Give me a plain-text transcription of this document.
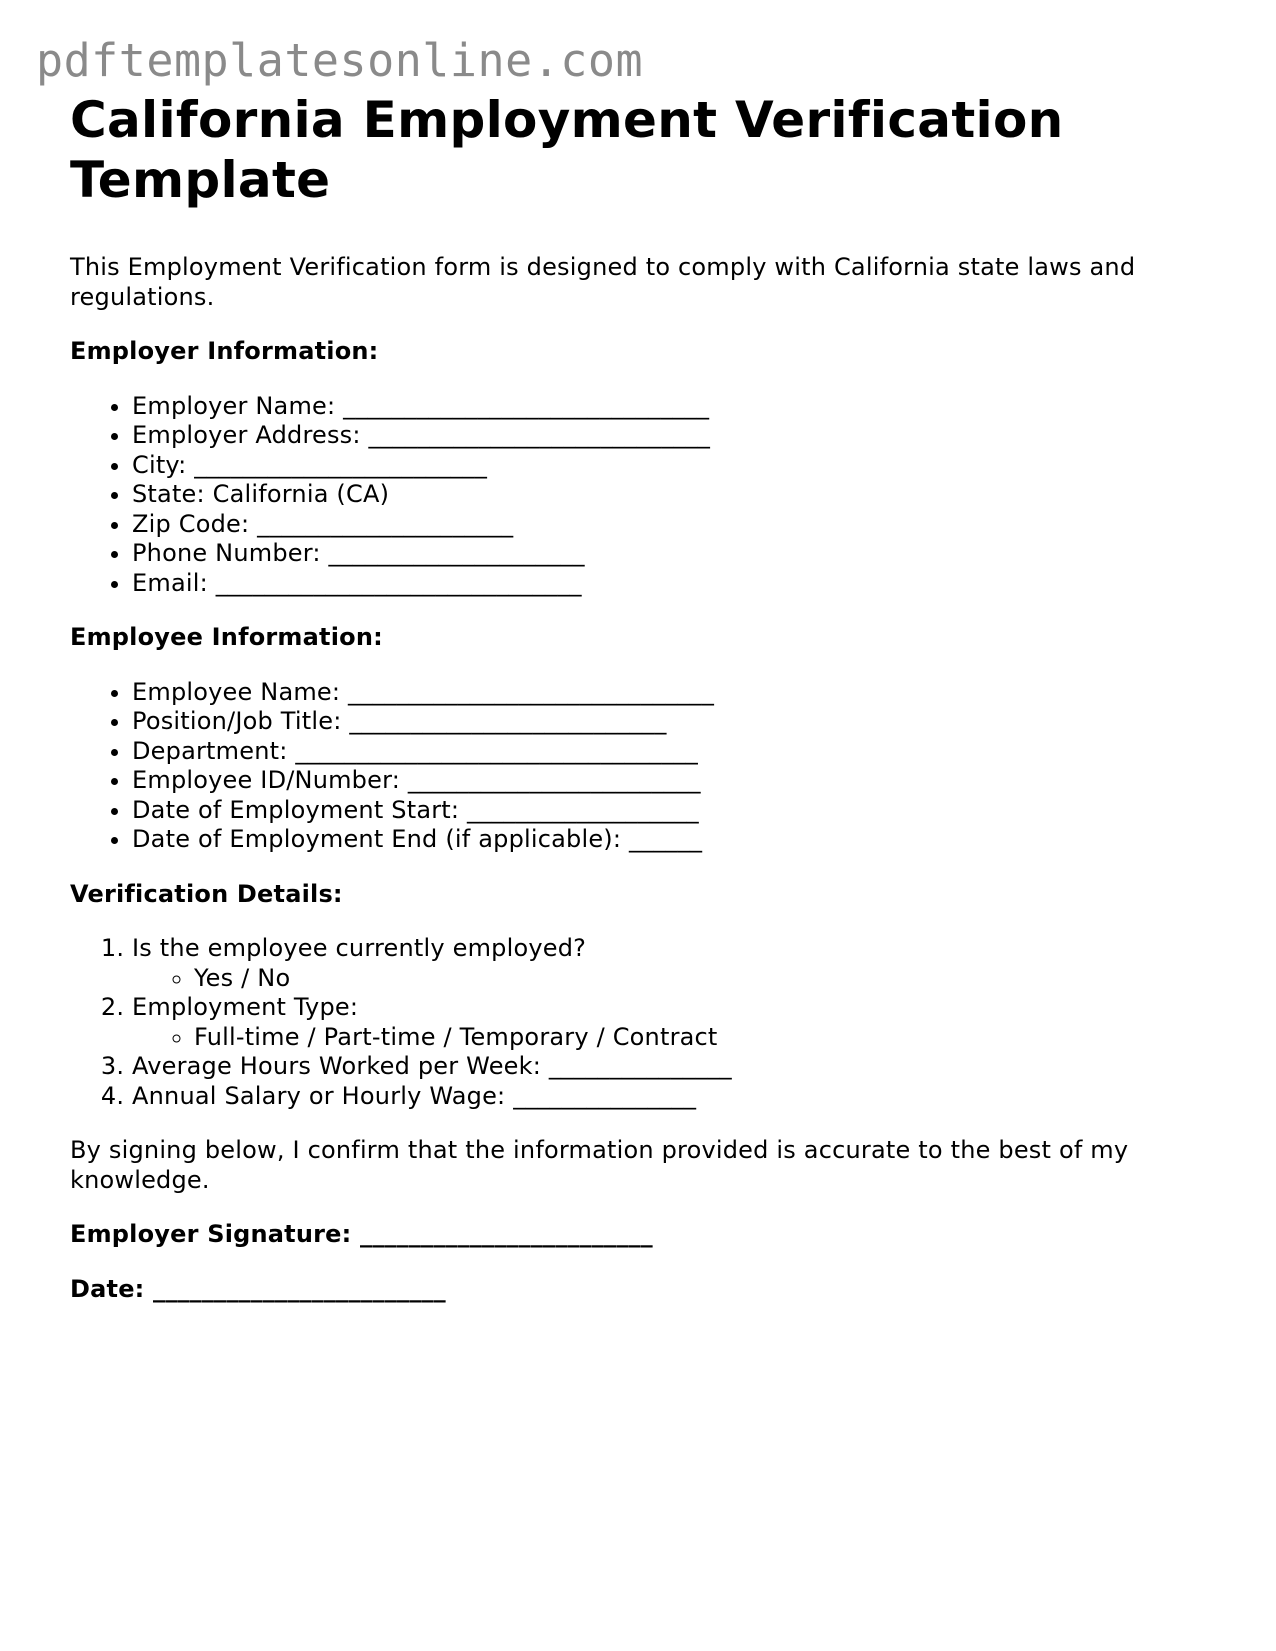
pdftemplatesonline.com
California Employment Verification Template

This Employment Verification form is designed to comply with California state laws and regulations.

Employer Information:

• Employer Name: ______________________________
• Employer Address: ____________________________
• City: ________________________
• State: California (CA)
• Zip Code: _____________________
• Phone Number: _____________________
• Email: ______________________________

Employee Information:

• Employee Name: ______________________________
• Position/Job Title: __________________________
• Department: _________________________________
• Employee ID/Number: ________________________
• Date of Employment Start: ___________________
• Date of Employment End (if applicable): ______

Verification Details:

1. Is the employee currently employed?
◦ Yes / No
2. Employment Type:
◦ Full-time / Part-time / Temporary / Contract
3. Average Hours Worked per Week: _______________
4. Annual Salary or Hourly Wage: _______________

By signing below, I confirm that the information provided is accurate to the best of my knowledge.

Employer Signature: ________________________

Date: ________________________
